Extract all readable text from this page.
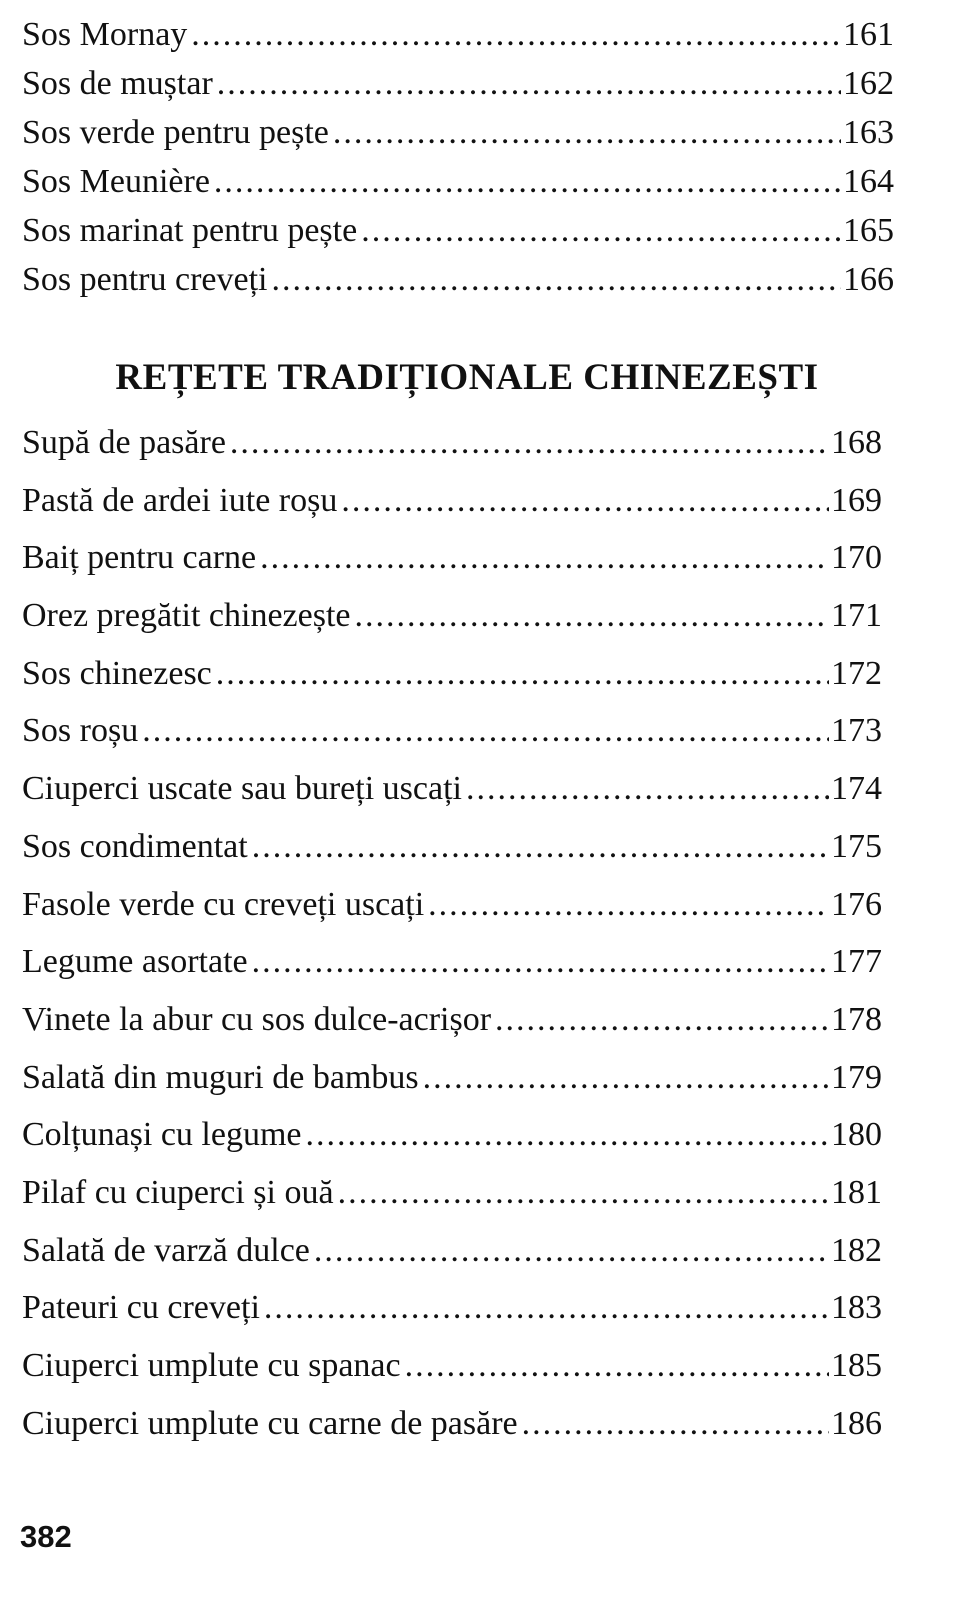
Sos Mornay .....	161
Sos de muștar .....	162
Sos verde pentru pește .....	163
Sos Meunière .....	164
Sos marinat pentru pește .....	165
Sos pentru creveți .....	166
REȚETE TRADIȚIONALE CHINEZEȘTI
Supă de pasăre .....	168
Pastă de ardei iute roșu .....	169
Baiț pentru carne .....	170
Orez pregătit chinezește .....	171
Sos chinezesc .....	172
Sos roșu .....	173
Ciuperci uscate sau bureți uscați .....	174
Sos condimentat .....	175
Fasole verde cu creveți uscați .....	176
Legume asortate .....	177
Vinete la abur cu sos dulce-acrișor .....	178
Salată din muguri de bambus .....	179
Colțunași cu legume .....	180
Pilaf cu ciuperci și ouă .....	181
Salată de varză dulce .....	182
Pateuri cu creveți .....	183
Ciuperci umplute cu spanac .....	185
Ciuperci umplute cu carne de pasăre .....	186

382
